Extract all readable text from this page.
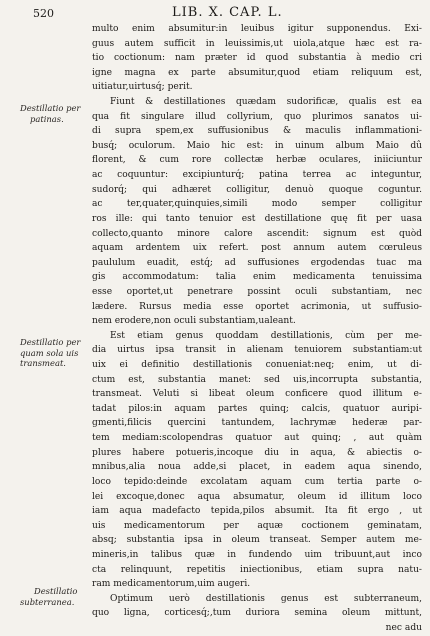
520	LIB. X. CAP. L.
Destillatio per
patinas.
Destillatio per
quam sola uis
transmeat.
Destillatio
subterranea.
multo enim absumitur:in leuibus igitur supponendus. Exi-
guus autem sufficit in leuissimis,ut uiola,atque hæc est ra-
tio coctionum: nam præter id quod substantia à medio cri
igne magna ex parte absumitur,quod etiam reliquum est,
uitiatur,uirtusq́; perit.
Fiunt & destillationes quædam sudorificæ, qualis est ea
qua fit singulare illud collyrium, quo plurimos sanatos ui-
di supra spem,ex suffusionibus & maculis inflammationi-
busq́; oculorum. Maio hic est: in uinum album Maio dû
florent, & cum rore collectæ herbæ oculares, iniiciuntur
ac coquuntur: excipiunturq́; patina terrea ac integuntur,
sudorq́; qui adhæret colligitur, denuò quoque coguntur.
ac ter,quater,quinquies,simili modo semper colligitur
ros ille: qui tanto tenuior est destillatione quę fit per uasa
collecto,quanto minore calore ascendit: signum est quòd
aquam ardentem uix refert. post annum autem cœruleus
paululum euadit, estq́; ad suffusiones ergodendas tuac ma
gis accommodatum: talia enim medicamenta tenuissima
esse oportet,ut penetrare possint oculi substantiam, nec
lædere. Rursus media esse oportet acrimonia, ut suffusio-
nem erodere,non oculi substantiam,ualeant.
Est etiam genus quoddam destillationis, cùm per me-
dia uirtus ipsa transit in alienam tenuiorem substantiam:ut
uix ei definitio destillationis conueniat:neq; enim, ut di-
ctum est, substantia manet: sed uis,incorrupta substantia,
transmeat. Veluti si libeat oleum conficere quod illitum e-
tadat pilos:in aquam partes quinq; calcis, quatuor auripi-
gmenti,filicis quercini tantundem, lachrymæ hederæ par-
tem mediam:scolopendras quatuor aut quinq; , aut quàm
plures habere potueris,incoque diu in aqua, & abiectis o-
mnibus,alia noua adde,si placet, in eadem aqua sinendo,
loco tepido:deinde excolatam aquam cum tertia parte o-
lei excoque,donec aqua absumatur, oleum id illitum loco
iam aqua madefacto tepida,pilos absumit. Ita fit ergo , ut
uis medicamentorum per aquæ coctionem geminatam,
absq; substantia ipsa in oleum transeat. Semper autem me-
mineris,in talibus quæ in fundendo uim tribuunt,aut inco
cta relinquunt, repetitis iniectionibus, etiam supra natu-
ram medicamentorum,uim augeri.
Optimum uerò destillationis genus est subterraneum,
quo ligna, corticesq́;,tum duriora semina oleum mittunt,
nec adu
